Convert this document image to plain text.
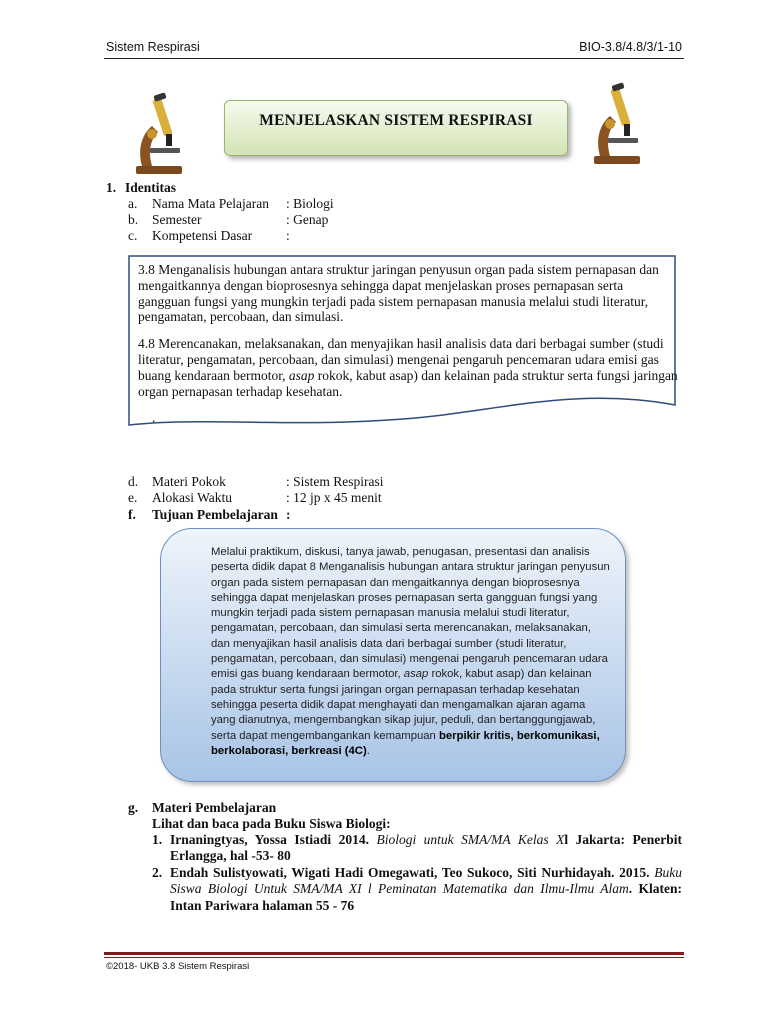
Sistem Respirasi	BIO-3.8/4.8/3/1-10
MENJELASKAN SISTEM RESPIRASI
1. Identitas
a. Nama Mata Pelajaran : Biologi
b. Semester	: Genap
c. Kompetensi Dasar	:

3.8 Menganalisis hubungan antara struktur jaringan penyusun organ pada sistem pernapasan dan mengaitkannya dengan bioprosesnya sehingga dapat menjelaskan proses pernapasan serta gangguan fungsi yang mungkin terjadi pada sistem pernapasan manusia melalui studi literatur, pengamatan, percobaan, dan simulasi.

4.8 Merencanakan, melaksanakan, dan menyajikan hasil analisis data dari berbagai sumber (studi literatur, pengamatan, percobaan, dan simulasi) mengenai pengaruh pencemaran udara emisi gas buang kendaraan bermotor, asap rokok, kabut asap) dan kelainan pada struktur serta fungsi jaringan organ pernapasan terhadap kesehatan.

.
d. Materi Pokok	: Sistem Respirasi
e. Alokasi Waktu	: 12 jp x 45 menit
f. Tujuan Pembelajaran :
Melalui praktikum, diskusi, tanya jawab, penugasan, presentasi dan analisis peserta didik dapat 8 Menganalisis hubungan antara struktur jaringan penyusun organ pada sistem pernapasan dan mengaitkannya dengan bioprosesnya sehingga dapat menjelaskan proses pernapasan serta gangguan fungsi yang mungkin terjadi pada sistem pernapasan manusia melalui studi literatur, pengamatan, percobaan, dan simulasi serta merencanakan, melaksanakan, dan menyajikan hasil analisis data dari berbagai sumber (studi literatur, pengamatan, percobaan, dan simulasi) mengenai pengaruh pencemaran udara emisi gas buang kendaraan bermotor, asap rokok, kabut asap) dan kelainan pada struktur serta fungsi jaringan organ pernapasan terhadap kesehatan sehingga peserta didik dapat menghayati dan mengamalkan ajaran agama yang dianutnya, mengembangkan sikap jujur, peduli, dan bertanggungjawab, serta dapat mengembangankan kemampuan berpikir kritis, berkomunikasi, berkolaborasi, berkreasi (4C).
g. Materi Pembelajaran
Lihat dan baca pada Buku Siswa Biologi:
1. Irnaningtyas, Yossa Istiadi 2014. Biologi untuk SMA/MA Kelas Xl Jakarta: Penerbit Erlangga, hal -53- 80
2. Endah Sulistyowati, Wigati Hadi Omegawati, Teo Sukoco, Siti Nurhidayah. 2015. Buku Siswa Biologi Untuk SMA/MA XI l Peminatan Matematika dan Ilmu-Ilmu Alam. Klaten: Intan Pariwara halaman 55 - 76
©2018- UKB 3.8 Sistem Respirasi
